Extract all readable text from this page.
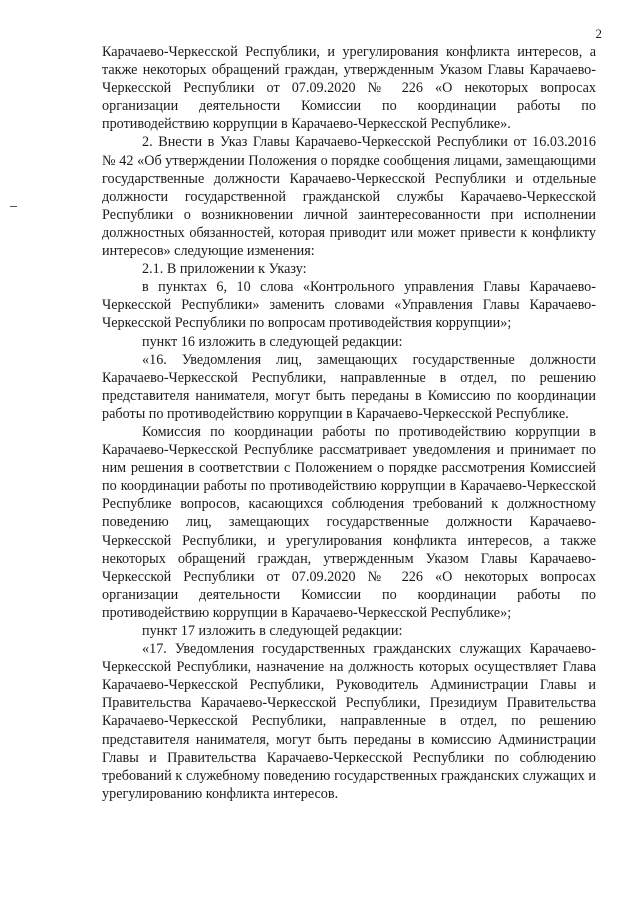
2

Карачаево-Черкесской Республики, и урегулирования конфликта интересов, а также некоторых обращений граждан, утвержденным Указом Главы Карачаево-Черкесской Республики от 07.09.2020 № 226 «О некоторых вопросах организации деятельности Комиссии по координации работы по противодействию коррупции в Карачаево-Черкесской Республике».

2. Внести в Указ Главы Карачаево-Черкесской Республики от 16.03.2016 № 42 «Об утверждении Положения о порядке сообщения лицами, замещающими государственные должности Карачаево-Черкесской Республики и отдельные должности государственной гражданской службы Карачаево-Черкесской Республики о возникновении личной заинтересованности при исполнении должностных обязанностей, которая приводит или может привести к конфликту интересов» следующие изменения:

2.1. В приложении к Указу:

в пунктах 6, 10 слова «Контрольного управления Главы Карачаево-Черкесской Республики» заменить словами «Управления Главы Карачаево-Черкесской Республики по вопросам противодействия коррупции»;

пункт 16 изложить в следующей редакции:

«16. Уведомления лиц, замещающих государственные должности Карачаево-Черкесской Республики, направленные в отдел, по решению представителя нанимателя, могут быть переданы в Комиссию по координации работы по противодействию коррупции в Карачаево-Черкесской Республике.

Комиссия по координации работы по противодействию коррупции в Карачаево-Черкесской Республике рассматривает уведомления и принимает по ним решения в соответствии с Положением о порядке рассмотрения Комиссией по координации работы по противодействию коррупции в Карачаево-Черкесской Республике вопросов, касающихся соблюдения требований к должностному поведению лиц, замещающих государственные должности Карачаево-Черкесской Республики, и урегулирования конфликта интересов, а также некоторых обращений граждан, утвержденным Указом Главы Карачаево-Черкесской Республики от 07.09.2020 № 226 «О некоторых вопросах организации деятельности Комиссии по координации работы по противодействию коррупции в Карачаево-Черкесской Республике»;

пункт 17 изложить в следующей редакции:

«17. Уведомления государственных гражданских служащих Карачаево-Черкесской Республики, назначение на должность которых осуществляет Глава Карачаево-Черкесской Республики, Руководитель Администрации Главы и Правительства Карачаево-Черкесской Республики, Президиум Правительства Карачаево-Черкесской Республики, направленные в отдел, по решению представителя нанимателя, могут быть переданы в комиссию Администрации Главы и Правительства Карачаево-Черкесской Республики по соблюдению требований к служебному поведению государственных гражданских служащих и урегулированию конфликта интересов.
